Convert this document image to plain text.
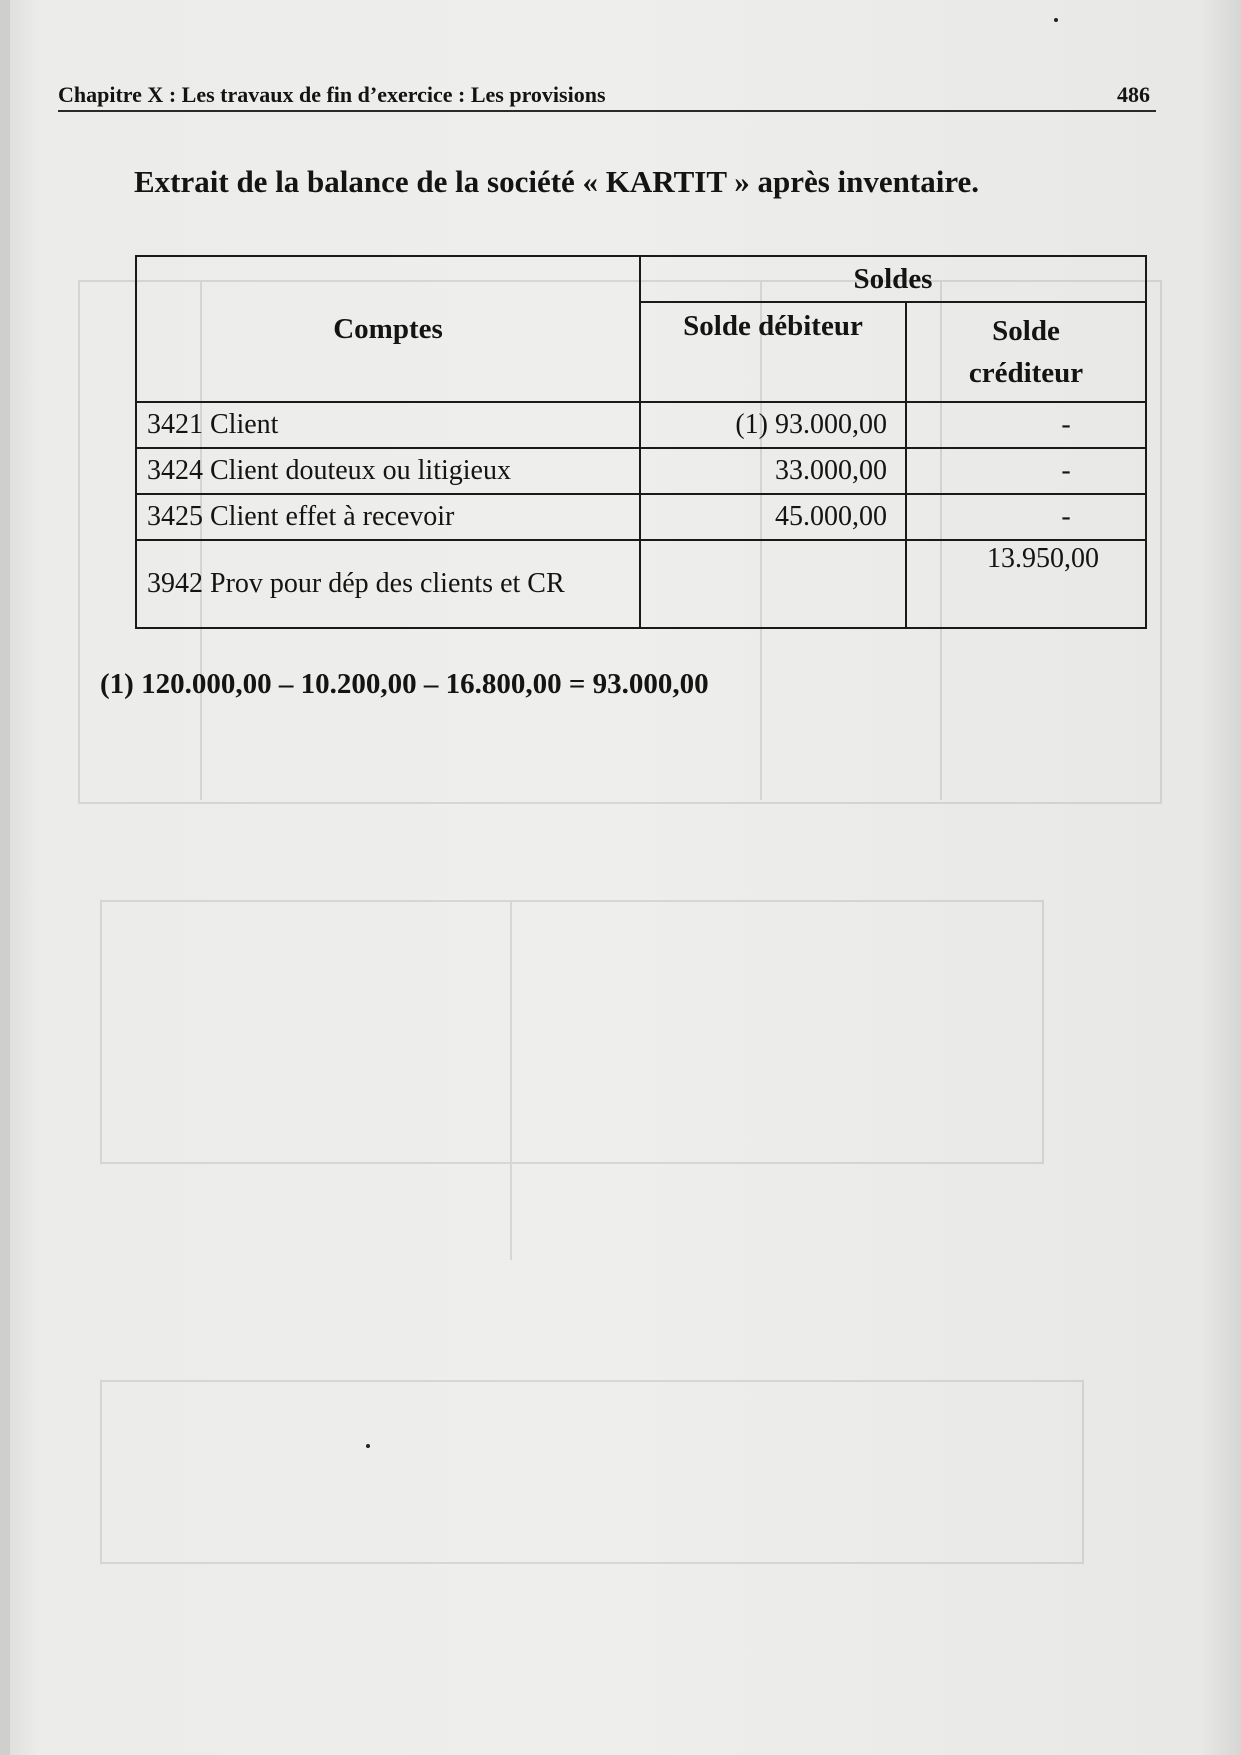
Chapitre X : Les travaux de fin d’exercice : Les provisions	486
Extrait de la balance de la société « KARTIT » après inventaire.
Comptes	Soldes	
	Solde débiteur	Solde créditeur
3421 Client	(1) 93.000,00	-
3424 Client douteux ou litigieux	33.000,00	-
3425 Client effet à recevoir	45.000,00	-
3942 Prov pour dép des clients et CR		13.950,00
(1) 120.000,00 – 10.200,00 – 16.800,00 = 93.000,00
